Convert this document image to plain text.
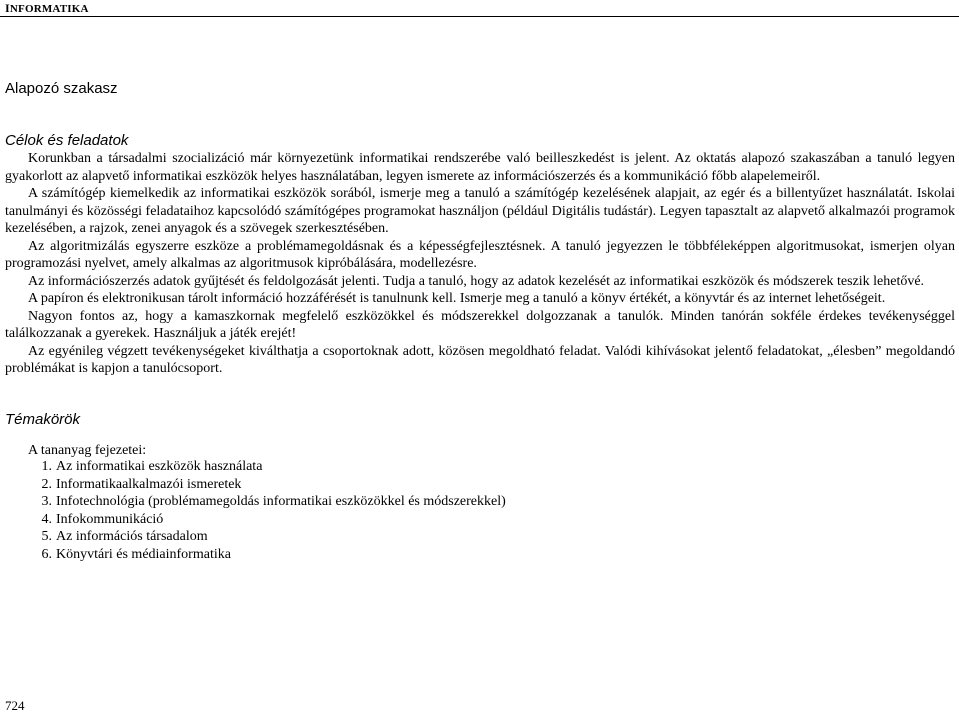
INFORMATIKA
Alapozó szakasz
Célok és feladatok

Korunkban a társadalmi szocializáció már környezetünk informatikai rendszerébe való beilleszkedést is jelent. Az oktatás alapozó szakaszában a tanuló legyen gyakorlott az alapvető informatikai eszközök helyes használatában, legyen ismerete az információszerzés és a kommunikáció főbb alapelemeiről.

A számítógép kiemelkedik az informatikai eszközök sorából, ismerje meg a tanuló a számítógép kezelésének alapjait, az egér és a billentyűzet használatát. Iskolai tanulmányi és közösségi feladataihoz kapcsolódó számítógépes programokat használjon (például Digitális tudástár). Legyen tapasztalt az alapvető alkalmazói programok kezelésében, a rajzok, zenei anyagok és a szövegek szerkesztésében.

Az algoritmizálás egyszerre eszköze a problémamegoldásnak és a képességfejlesztésnek. A tanuló jegyezzen le többféleképpen algoritmusokat, ismerjen olyan programozási nyelvet, amely alkalmas az algoritmusok kipróbálására, modellezésre.

Az információszerzés adatok gyűjtését és feldolgozását jelenti. Tudja a tanuló, hogy az adatok kezelését az informatikai eszközök és módszerek teszik lehetővé.

A papíron és elektronikusan tárolt információ hozzáférését is tanulnunk kell. Ismerje meg a tanuló a könyv értékét, a könyvtár és az internet lehetőségeit.

Nagyon fontos az, hogy a kamaszkornak megfelelő eszközökkel és módszerekkel dolgozzanak a tanulók. Minden tanórán sokféle érdekes tevékenységgel találkozzanak a gyerekek. Használjuk a játék erejét!

Az egyénileg végzett tevékenységeket kiválthatja a csoportoknak adott, közösen megoldható feladat. Valódi kihívásokat jelentő feladatokat, „élesben” megoldandó problémákat is kapjon a tanulócsoport.

Témakörök
A tananyag fejezetei:
1. Az informatikai eszközök használata
2. Informatikaalkalmazói ismeretek
3. Infotechnológia (problémamegoldás informatikai eszközökkel és módszerekkel)
4. Infokommunikáció
5. Az információs társadalom
6. Könyvtári és médiainformatika
724
